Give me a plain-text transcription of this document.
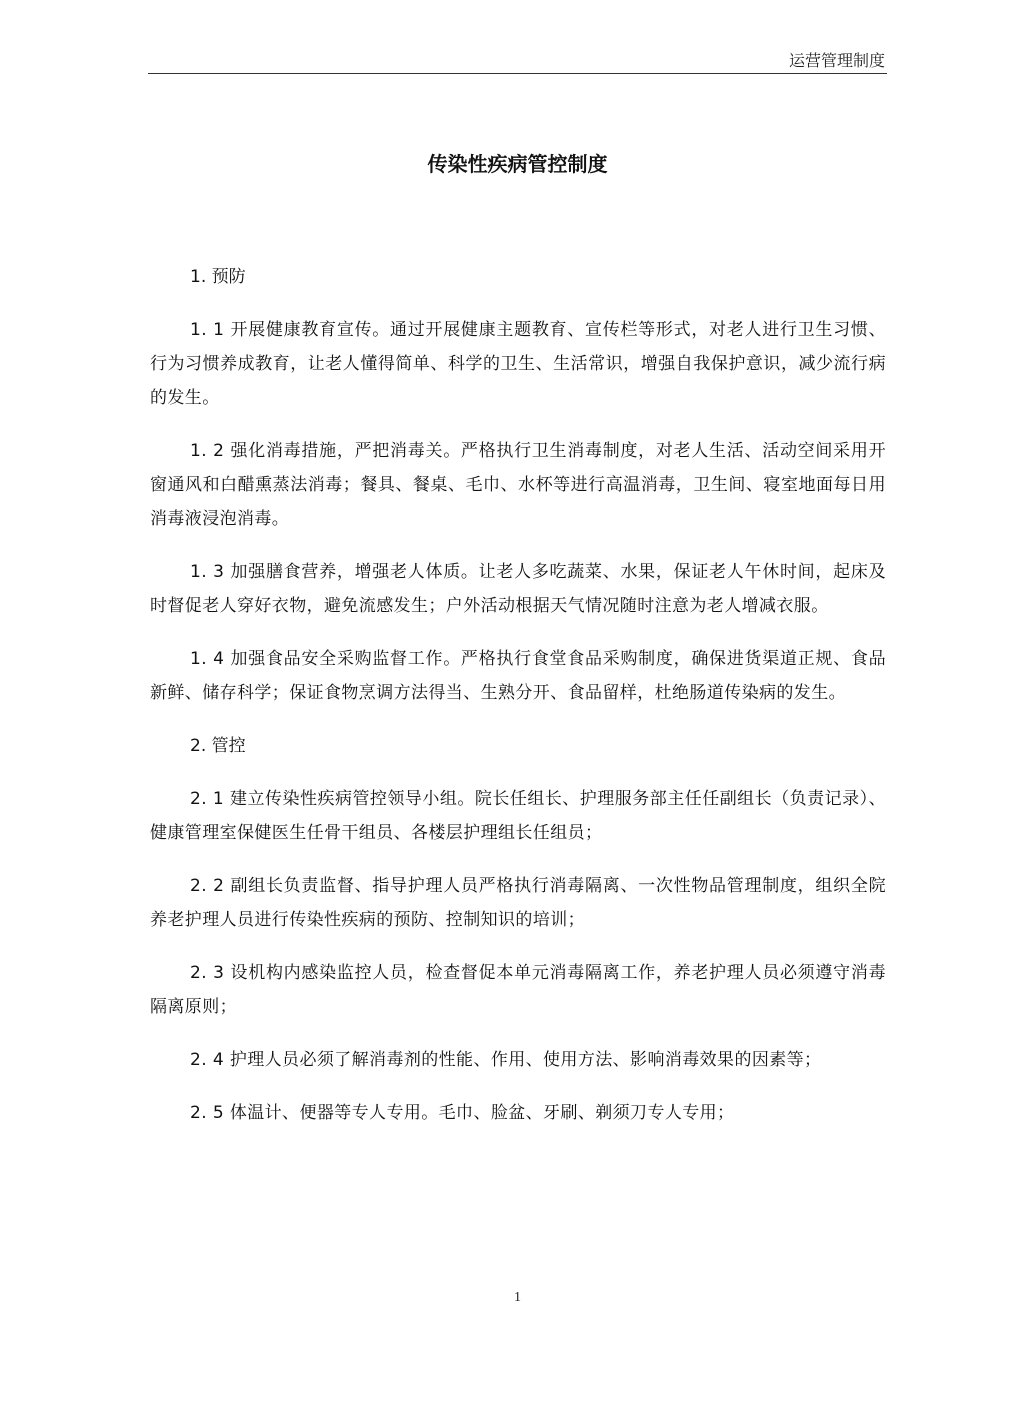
运营管理制度
传染性疾病管控制度
1. 预防

1. 1 开展健康教育宣传。通过开展健康主题教育、宣传栏等形式，对老人进行卫生习惯、行为习惯养成教育，让老人懂得简单、科学的卫生、生活常识，增强自我保护意识，减少流行病的发生。

1. 2 强化消毒措施，严把消毒关。严格执行卫生消毒制度，对老人生活、活动空间采用开窗通风和白醋熏蒸法消毒；餐具、餐桌、毛巾、水杯等进行高温消毒，卫生间、寝室地面每日用消毒液浸泡消毒。

1. 3 加强膳食营养，增强老人体质。让老人多吃蔬菜、水果，保证老人午休时间，起床及时督促老人穿好衣物，避免流感发生；户外活动根据天气情况随时注意为老人增减衣服。

1. 4 加强食品安全采购监督工作。严格执行食堂食品采购制度，确保进货渠道正规、食品新鲜、储存科学；保证食物烹调方法得当、生熟分开、食品留样，杜绝肠道传染病的发生。

2. 管控

2. 1 建立传染性疾病管控领导小组。院长任组长、护理服务部主任任副组长（负责记录）、健康管理室保健医生任骨干组员、各楼层护理组长任组员；

2. 2 副组长负责监督、指导护理人员严格执行消毒隔离、一次性物品管理制度，组织全院养老护理人员进行传染性疾病的预防、控制知识的培训；

2. 3 设机构内感染监控人员，检查督促本单元消毒隔离工作，养老护理人员必须遵守消毒隔离原则；

2. 4 护理人员必须了解消毒剂的性能、作用、使用方法、影响消毒效果的因素等；

2. 5 体温计、便器等专人专用。毛巾、脸盆、牙刷、剃须刀专人专用；

1
